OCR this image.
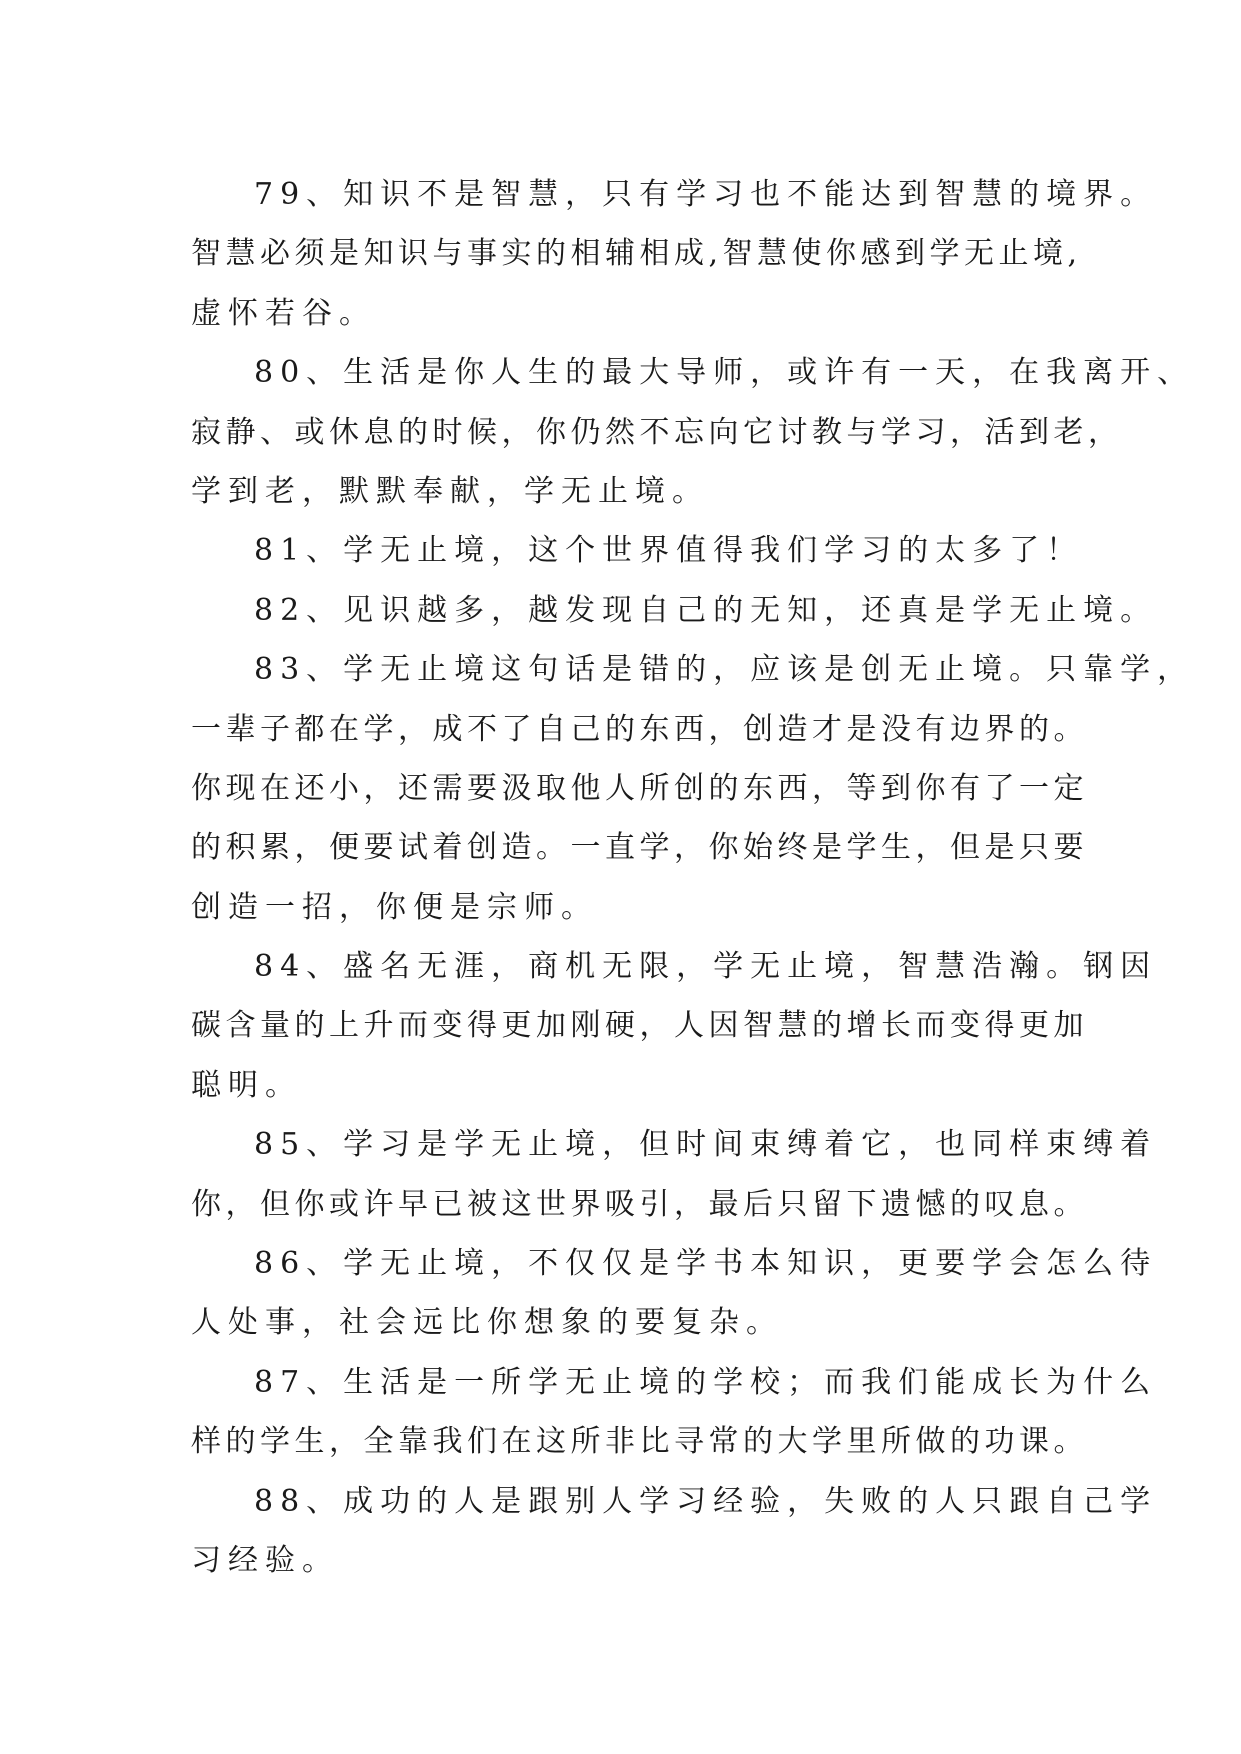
79、知识不是智慧，只有学习也不能达到智慧的境界。
智慧必须是知识与事实的相辅相成,智慧使你感到学无止境,
虚怀若谷。
80、生活是你人生的最大导师，或许有一天，在我离开、
寂静、或休息的时候，你仍然不忘向它讨教与学习，活到老，
学到老，默默奉献，学无止境。
81、学无止境，这个世界值得我们学习的太多了！
82、见识越多，越发现自己的无知，还真是学无止境。
83、学无止境这句话是错的，应该是创无止境。只靠学，
一辈子都在学，成不了自己的东西，创造才是没有边界的。
你现在还小，还需要汲取他人所创的东西，等到你有了一定
的积累，便要试着创造。一直学，你始终是学生，但是只要
创造一招，你便是宗师。
84、盛名无涯，商机无限，学无止境，智慧浩瀚。钢因
碳含量的上升而变得更加刚硬，人因智慧的增长而变得更加
聪明。
85、学习是学无止境，但时间束缚着它，也同样束缚着
你，但你或许早已被这世界吸引，最后只留下遗憾的叹息。
86、学无止境，不仅仅是学书本知识，更要学会怎么待
人处事，社会远比你想象的要复杂。
87、生活是一所学无止境的学校；而我们能成长为什么
样的学生，全靠我们在这所非比寻常的大学里所做的功课。
88、成功的人是跟别人学习经验，失败的人只跟自己学
习经验。
